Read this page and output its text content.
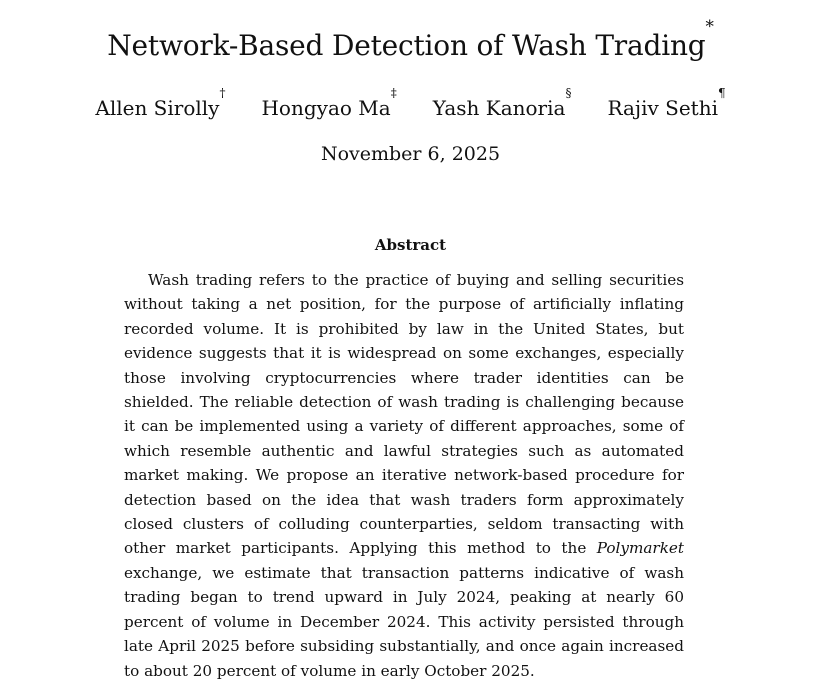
Network-Based Detection of Wash Trading*
Allen Sirolly†
Hongyao Ma‡
Yash Kanoria§
Rajiv Sethi¶
November 6, 2025
Abstract

Wash trading refers to the practice of buying and selling securities without taking a net position, for the purpose of artificially inflating recorded volume. It is prohibited by law in the United States, but evidence suggests that it is widespread on some exchanges, especially those involving cryptocurrencies where trader identities can be shielded. The reliable detection of wash trading is challenging because it can be implemented using a variety of different approaches, some of which resemble authentic and lawful strategies such as automated market making. We propose an iterative network-based procedure for detection based on the idea that wash traders form approximately closed clusters of colluding counterparties, seldom transacting with other market participants. Applying this method to the Polymarket exchange, we estimate that transaction patterns indicative of wash trading began to trend upward in July 2024, peaking at nearly 60 percent of volume in December 2024. This activity persisted through late April 2025 before subsiding substantially, and once again increased to about 20 percent of volume in early October 2025.
